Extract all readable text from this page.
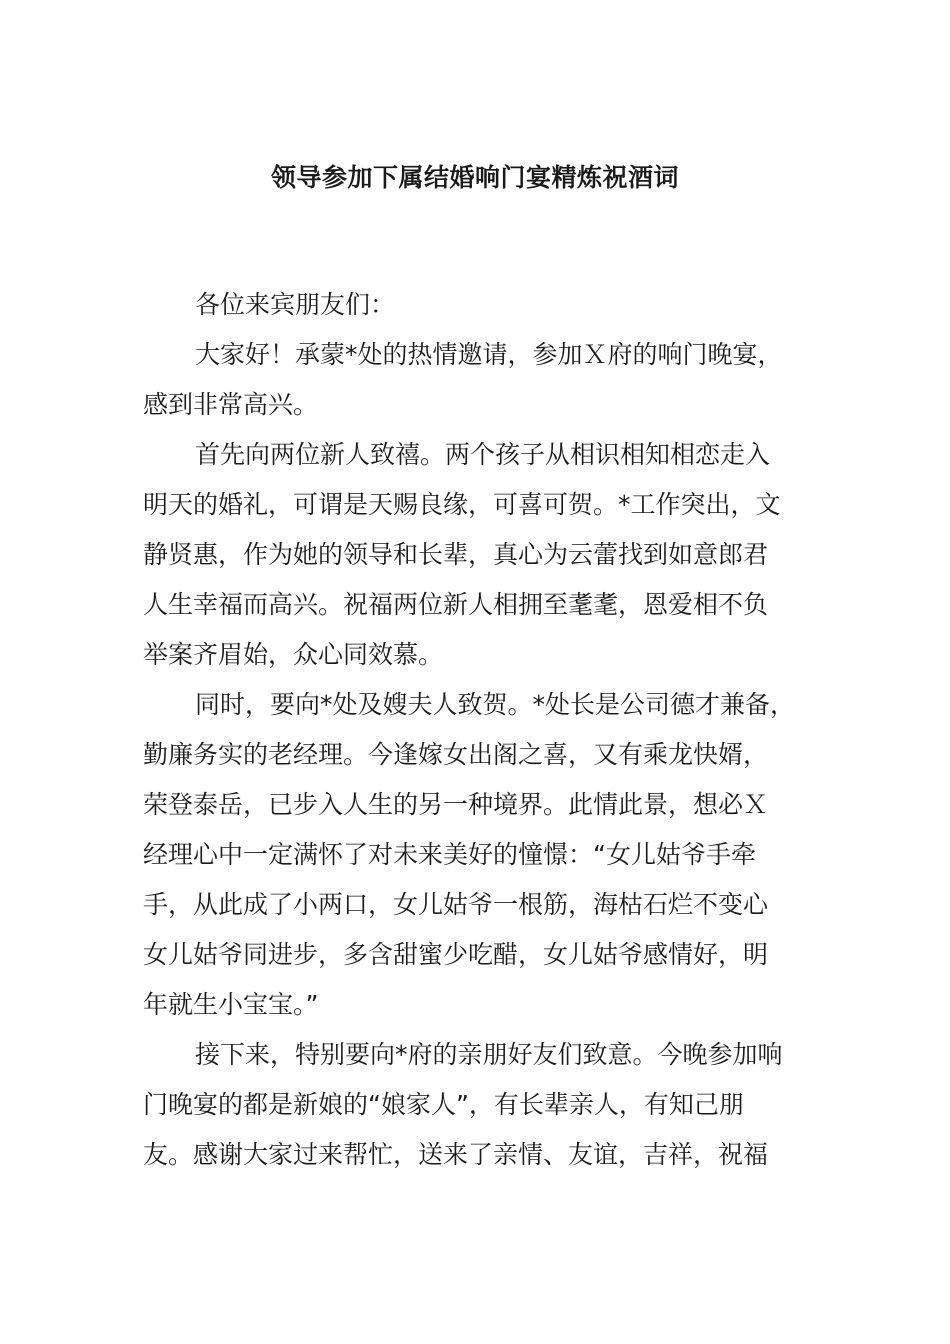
领导参加下属结婚响门宴精炼祝酒词
各位来宾朋友们：
大家好！承蒙*处的热情邀请，参加Ｘ府的响门晚宴，
感到非常高兴。
首先向两位新人致禧。两个孩子从相识相知相恋走入
明天的婚礼，可谓是天赐良缘，可喜可贺。*工作突出，文
静贤惠，作为她的领导和长辈，真心为云蕾找到如意郎君
人生幸福而高兴。祝福两位新人相拥至耄耄，恩爱相不负
举案齐眉始，众心同效慕。
同时，要向*处及嫂夫人致贺。*处长是公司德才兼备，
勤廉务实的老经理。今逢嫁女出阁之喜，又有乘龙快婿，
荣登泰岳，已步入人生的另一种境界。此情此景，想必Ｘ
经理心中一定满怀了对未来美好的憧憬：“女儿姑爷手牵
手，从此成了小两口，女儿姑爷一根筋，海枯石烂不变心
女儿姑爷同进步，多含甜蜜少吃醋，女儿姑爷感情好，明
年就生小宝宝。”
接下来，特别要向*府的亲朋好友们致意。今晚参加响
门晚宴的都是新娘的“娘家人”，有长辈亲人，有知己朋
友。感谢大家过来帮忙，送来了亲情、友谊，吉祥，祝福
